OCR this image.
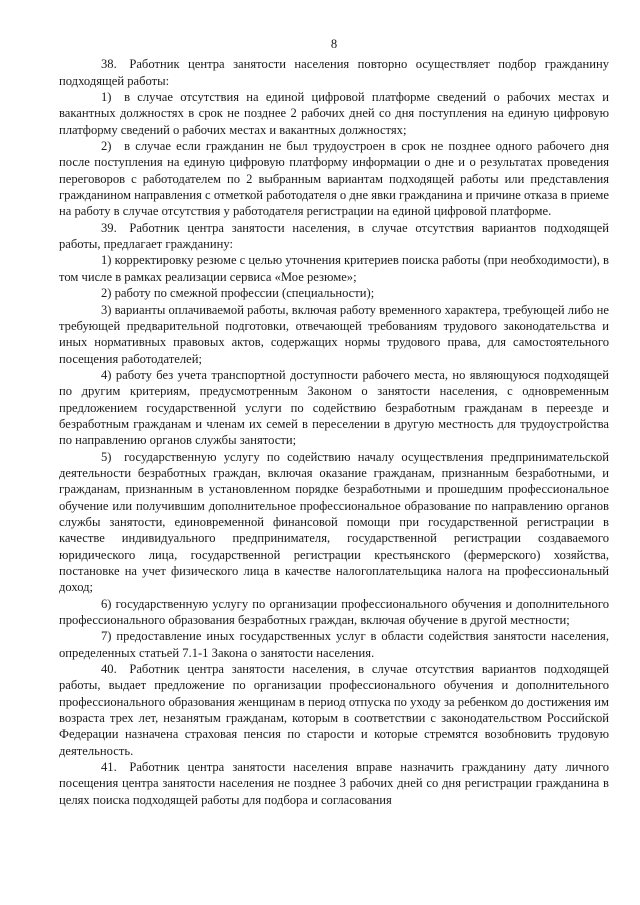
8

38. Работник центра занятости населения повторно осуществляет подбор гражданину подходящей работы:

1) в случае отсутствия на единой цифровой платформе сведений о рабочих местах и вакантных должностях в срок не позднее 2 рабочих дней со дня поступления на единую цифровую платформу сведений о рабочих местах и вакантных должностях;

2) в случае если гражданин не был трудоустроен в срок не позднее одного рабочего дня после поступления на единую цифровую платформу информации о дне и о результатах проведения переговоров с работодателем по 2 выбранным вариантам подходящей работы или представления гражданином направления с отметкой работодателя о дне явки гражданина и причине отказа в приеме на работу в случае отсутствия у работодателя регистрации на единой цифровой платформе.

39. Работник центра занятости населения, в случае отсутствия вариантов подходящей работы, предлагает гражданину:

1) корректировку резюме с целью уточнения критериев поиска работы (при необходимости), в том числе в рамках реализации сервиса «Мое резюме»;

2) работу по смежной профессии (специальности);

3) варианты оплачиваемой работы, включая работу временного характера, требующей либо не требующей предварительной подготовки, отвечающей требованиям трудового законодательства и иных нормативных правовых актов, содержащих нормы трудового права, для самостоятельного посещения работодателей;

4) работу без учета транспортной доступности рабочего места, но являющуюся подходящей по другим критериям, предусмотренным Законом о занятости населения, с одновременным предложением государственной услуги по содействию безработным гражданам в переезде и безработным гражданам и членам их семей в переселении в другую местность для трудоустройства по направлению органов службы занятости;

5) государственную услугу по содействию началу осуществления предпринимательской деятельности безработных граждан, включая оказание гражданам, признанным безработными, и гражданам, признанным в установленном порядке безработными и прошедшим профессиональное обучение или получившим дополнительное профессиональное образование по направлению органов службы занятости, единовременной финансовой помощи при государственной регистрации в качестве индивидуального предпринимателя, государственной регистрации создаваемого юридического лица, государственной регистрации крестьянского (фермерского) хозяйства, постановке на учет физического лица в качестве налогоплательщика налога на профессиональный доход;

6) государственную услугу по организации профессионального обучения и дополнительного профессионального образования безработных граждан, включая обучение в другой местности;

7) предоставление иных государственных услуг в области содействия занятости населения, определенных статьей 7.1-1 Закона о занятости населения.

40. Работник центра занятости населения, в случае отсутствия вариантов подходящей работы, выдает предложение по организации профессионального обучения и дополнительного профессионального образования женщинам в период отпуска по уходу за ребенком до достижения им возраста трех лет, незанятым гражданам, которым в соответствии с законодательством Российской Федерации назначена страховая пенсия по старости и которые стремятся возобновить трудовую деятельность.

41. Работник центра занятости населения вправе назначить гражданину дату личного посещения центра занятости населения не позднее 3 рабочих дней со дня регистрации гражданина в целях поиска подходящей работы для подбора и согласования
